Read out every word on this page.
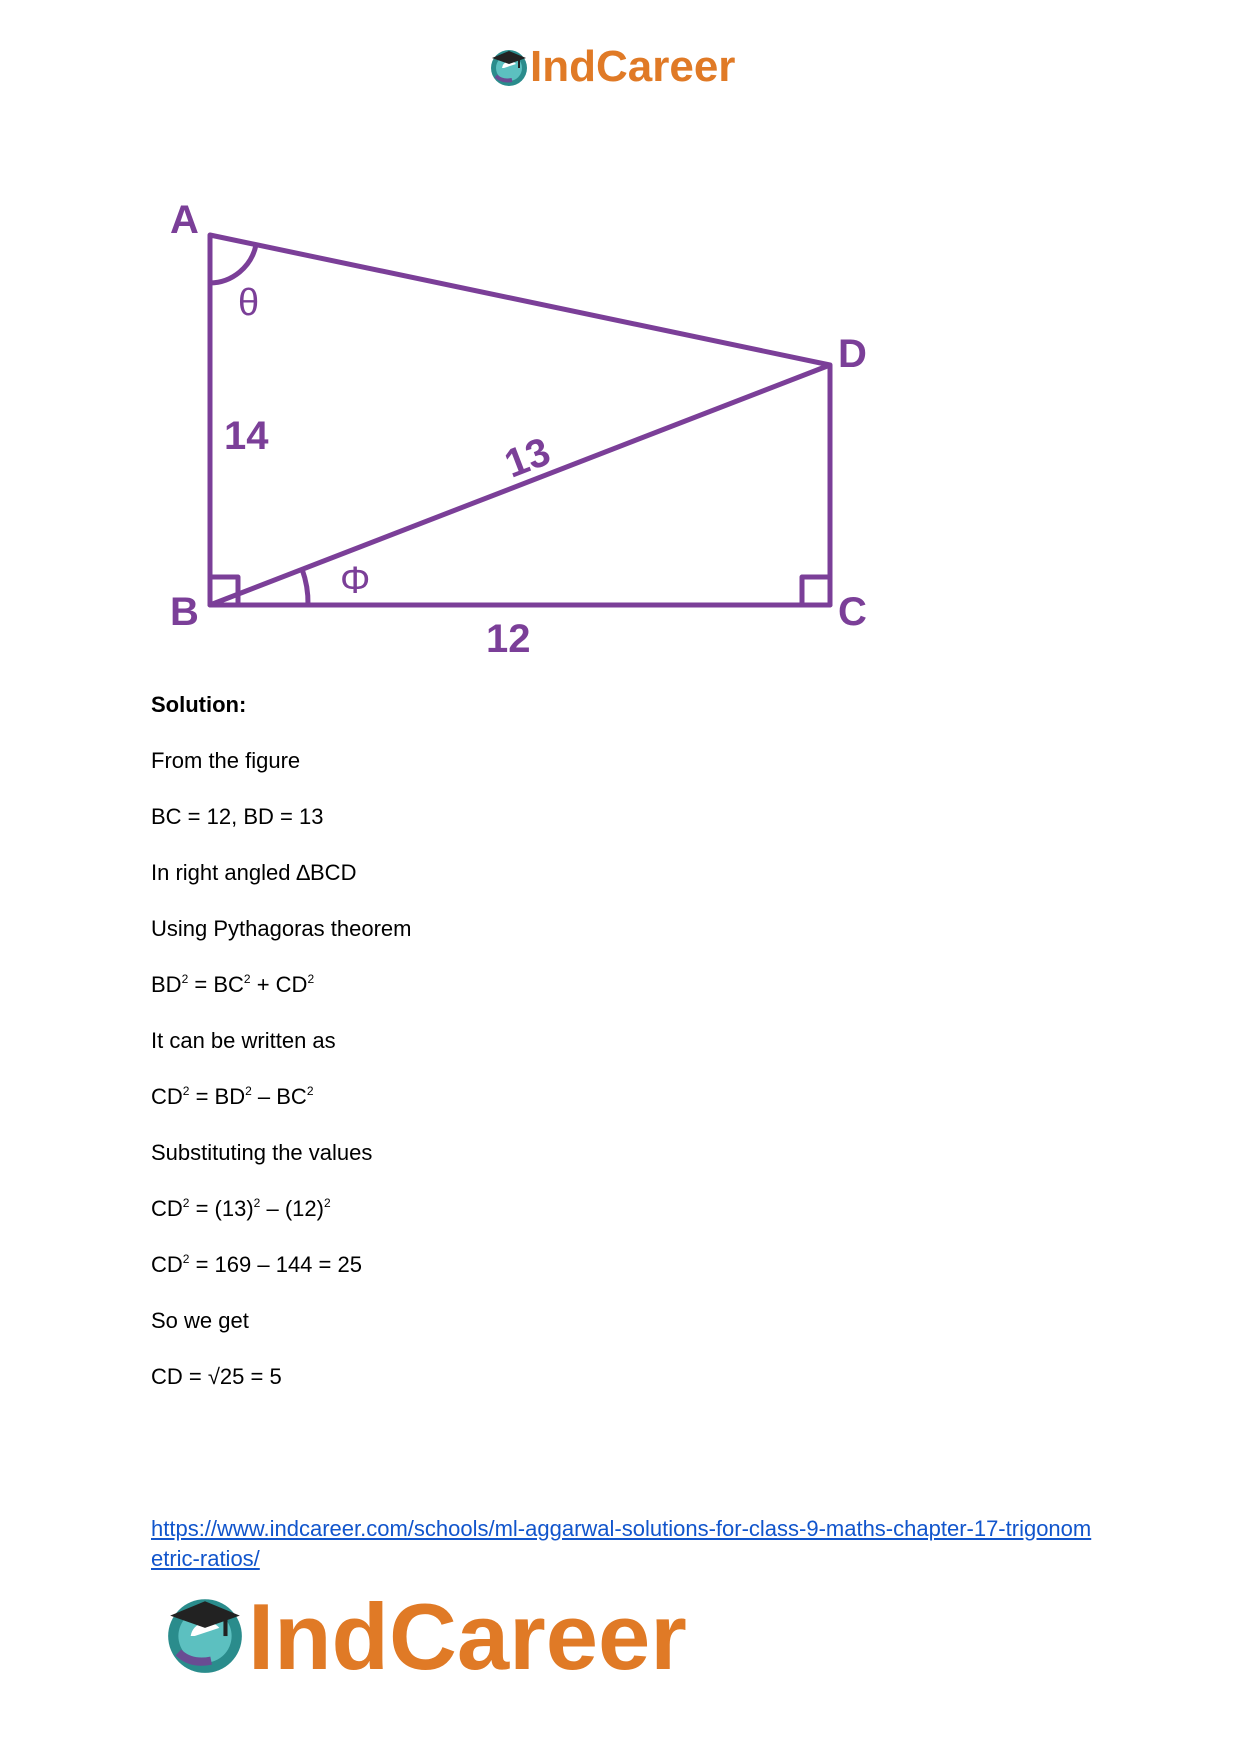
IndCareer
A
B	C
D
θ
Φ
14	13
12
Solution:
From the figure
BC = 12, BD = 13
In right angled ∆BCD
Using Pythagoras theorem
$BD^2 = BC^2 + CD^2$
It can be written as
$CD^2 = BD^2 - BC^2$
Substituting the values
$CD^2 = (13)^2 - (12)^2$
$CD^2 = 169 - 144 = 25$
So we get
CD = √25 = 5
https://www.indcareer.com/schools/ml-aggarwal-solutions-for-class-9-maths-chapter-17-trigonometric-ratios/
IndCareer
